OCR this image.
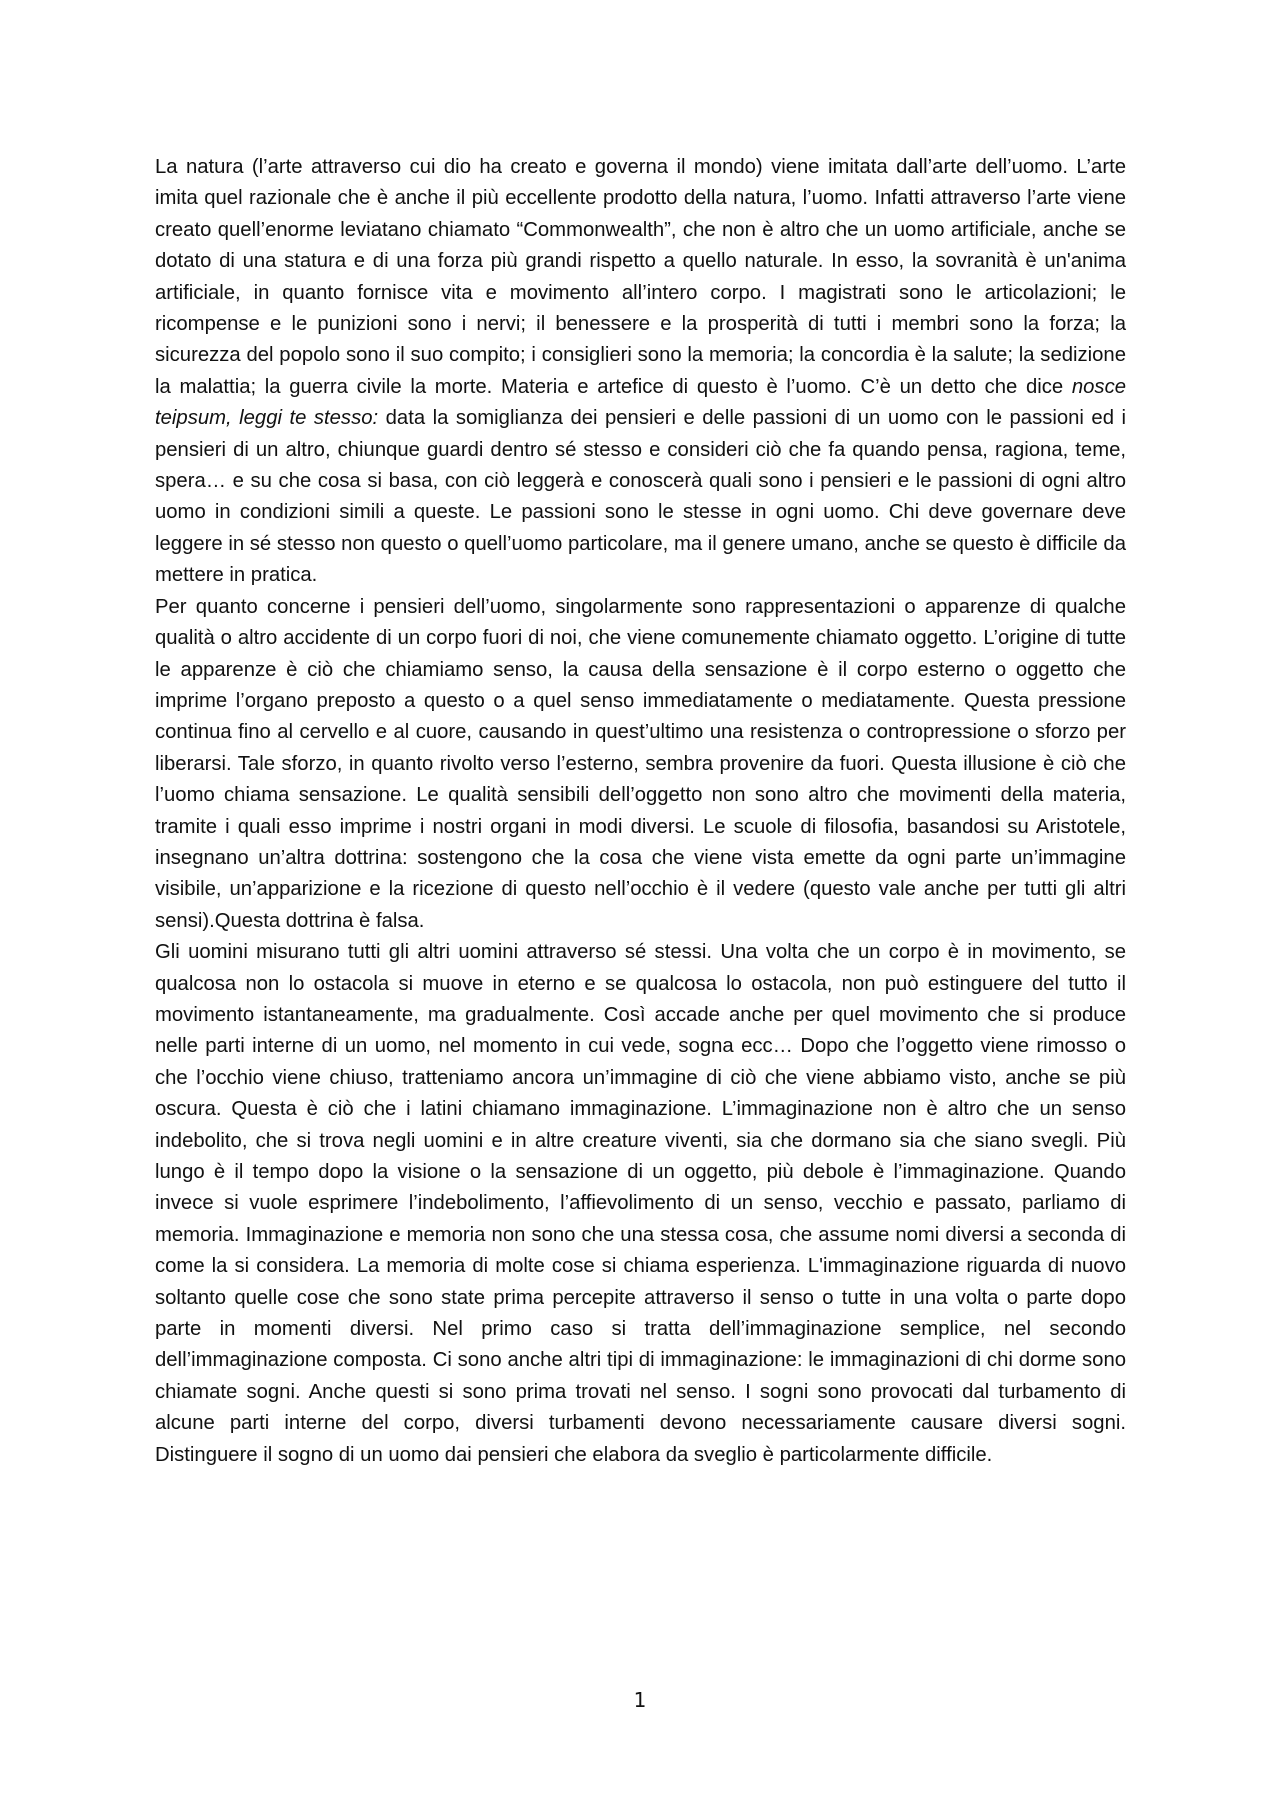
La natura (l’arte attraverso cui dio ha creato e governa il mondo) viene imitata dall’arte dell’uomo. L’arte imita quel razionale che è anche il più eccellente prodotto della natura, l’uomo. Infatti attraverso l’arte viene creato quell’enorme leviatano chiamato “Commonwealth”, che non è altro che un uomo artificiale, anche se dotato di una statura e di una forza più grandi rispetto a quello naturale. In esso, la sovranità è un'anima artificiale, in quanto fornisce vita e movimento all’intero corpo. I magistrati sono le articolazioni; le ricompense e le punizioni sono i nervi; il benessere e la prosperità di tutti i membri sono la forza; la sicurezza del popolo sono il suo compito; i consiglieri sono la memoria; la concordia è la salute; la sedizione la malattia; la guerra civile la morte. Materia e artefice di questo è l’uomo. C’è un detto che dice nosce teipsum, leggi te stesso: data la somiglianza dei pensieri e delle passioni di un uomo con le passioni ed i pensieri di un altro, chiunque guardi dentro sé stesso e consideri ciò che fa quando pensa, ragiona, teme, spera… e su che cosa si basa, con ciò leggerà e conoscerà quali sono i pensieri e le passioni di ogni altro uomo in condizioni simili a queste. Le passioni sono le stesse in ogni uomo. Chi deve governare deve leggere in sé stesso non questo o quell’uomo particolare, ma il genere umano, anche se questo è difficile da mettere in pratica.

Per quanto concerne i pensieri dell’uomo, singolarmente sono rappresentazioni o apparenze di qualche qualità o altro accidente di un corpo fuori di noi, che viene comunemente chiamato oggetto. L’origine di tutte le apparenze è ciò che chiamiamo senso, la causa della sensazione è il corpo esterno o oggetto che imprime l’organo preposto a questo o a quel senso immediatamente o mediatamente. Questa pressione continua fino al cervello e al cuore, causando in quest’ultimo una resistenza o contropressione o sforzo per liberarsi. Tale sforzo, in quanto rivolto verso l’esterno, sembra provenire da fuori. Questa illusione è ciò che l’uomo chiama sensazione. Le qualità sensibili dell’oggetto non sono altro che movimenti della materia, tramite i quali esso imprime i nostri organi in modi diversi. Le scuole di filosofia, basandosi su Aristotele, insegnano un’altra dottrina: sostengono che la cosa che viene vista emette da ogni parte un’immagine visibile, un’apparizione e la ricezione di questo nell’occhio è il vedere (questo vale anche per tutti gli altri sensi).Questa dottrina è falsa.

Gli uomini misurano tutti gli altri uomini attraverso sé stessi. Una volta che un corpo è in movimento, se qualcosa non lo ostacola si muove in eterno e se qualcosa lo ostacola, non può estinguere del tutto il movimento istantaneamente, ma gradualmente. Così accade anche per quel movimento che si produce nelle parti interne di un uomo, nel momento in cui vede, sogna ecc… Dopo che l’oggetto viene rimosso o che l’occhio viene chiuso, tratteniamo ancora un’immagine di ciò che viene abbiamo visto, anche se più oscura. Questa è ciò che i latini chiamano immaginazione. L’immaginazione non è altro che un senso indebolito, che si trova negli uomini e in altre creature viventi, sia che dormano sia che siano svegli. Più lungo è il tempo dopo la visione o la sensazione di un oggetto, più debole è l’immaginazione. Quando invece si vuole esprimere l’indebolimento, l’affievolimento di un senso, vecchio e passato, parliamo di memoria. Immaginazione e memoria non sono che una stessa cosa, che assume nomi diversi a seconda di come la si considera. La memoria di molte cose si chiama esperienza. L'immaginazione riguarda di nuovo soltanto quelle cose che sono state prima percepite attraverso il senso o tutte in una volta o parte dopo parte in momenti diversi. Nel primo caso si tratta dell’immaginazione semplice, nel secondo dell’immaginazione composta. Ci sono anche altri tipi di immaginazione: le immaginazioni di chi dorme sono chiamate sogni. Anche questi si sono prima trovati nel senso. I sogni sono provocati dal turbamento di alcune parti interne del corpo, diversi turbamenti devono necessariamente causare diversi sogni. Distinguere il sogno di un uomo dai pensieri che elabora da sveglio è particolarmente difficile.

1
